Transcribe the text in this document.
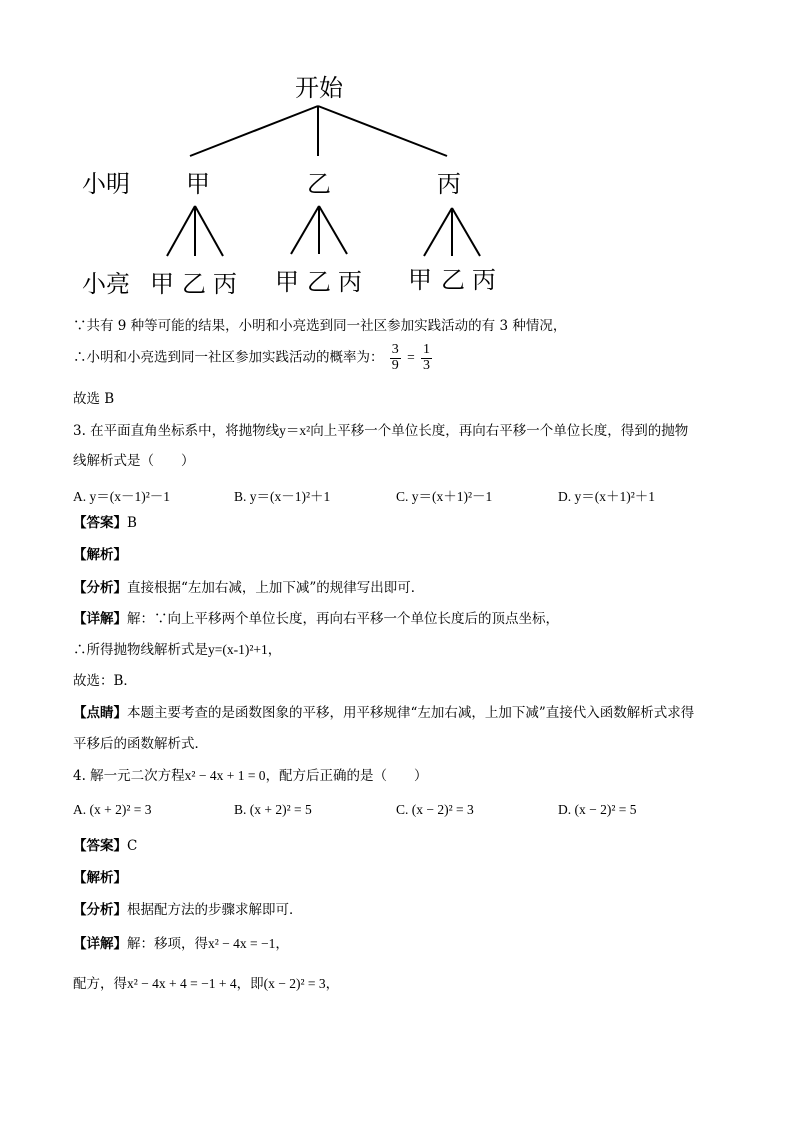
开始
小明 甲	乙	丙
小亮 甲 乙 丙 甲 乙 丙 甲 乙 丙
∵共有 9 种等可能的结果，小明和小亮选到同一社区参加实践活动的有 3 种情况，
∴小明和小亮选到同一社区参加实践活动的概率为： $\frac{3}{9} = \frac{1}{3}$
故选 B
3. 在平面直角坐标系中，将抛物线y＝x²向上平移一个单位长度，再向右平移一个单位长度，得到的抛物
线解析式是（　　）
A. y＝(x－1)²－1	B. y＝(x－1)²＋1	C. y＝(x＋1)²－1	D. y＝(x＋1)²＋1
【答案】B
【解析】
【分析】直接根据“左加右减，上加下减”的规律写出即可．
【详解】解：∵向上平移两个单位长度，再向右平移一个单位长度后的顶点坐标，
∴所得抛物线解析式是y=(x-1)²+1，
故选：B．
【点睛】本题主要考查的是函数图象的平移，用平移规律“左加右减，上加下减”直接代入函数解析式求得
平移后的函数解析式．
4. 解一元二次方程x² − 4x + 1 = 0，配方后正确的是（　　）
A. (x + 2)² = 3	B. (x + 2)² = 5	C. (x − 2)² = 3	D. (x − 2)² = 5
【答案】C
【解析】
【分析】根据配方法的步骤求解即可．
【详解】解：移项，得x² − 4x = −1，
配方，得x² − 4x + 4 = −1 + 4，即(x − 2)² = 3，
